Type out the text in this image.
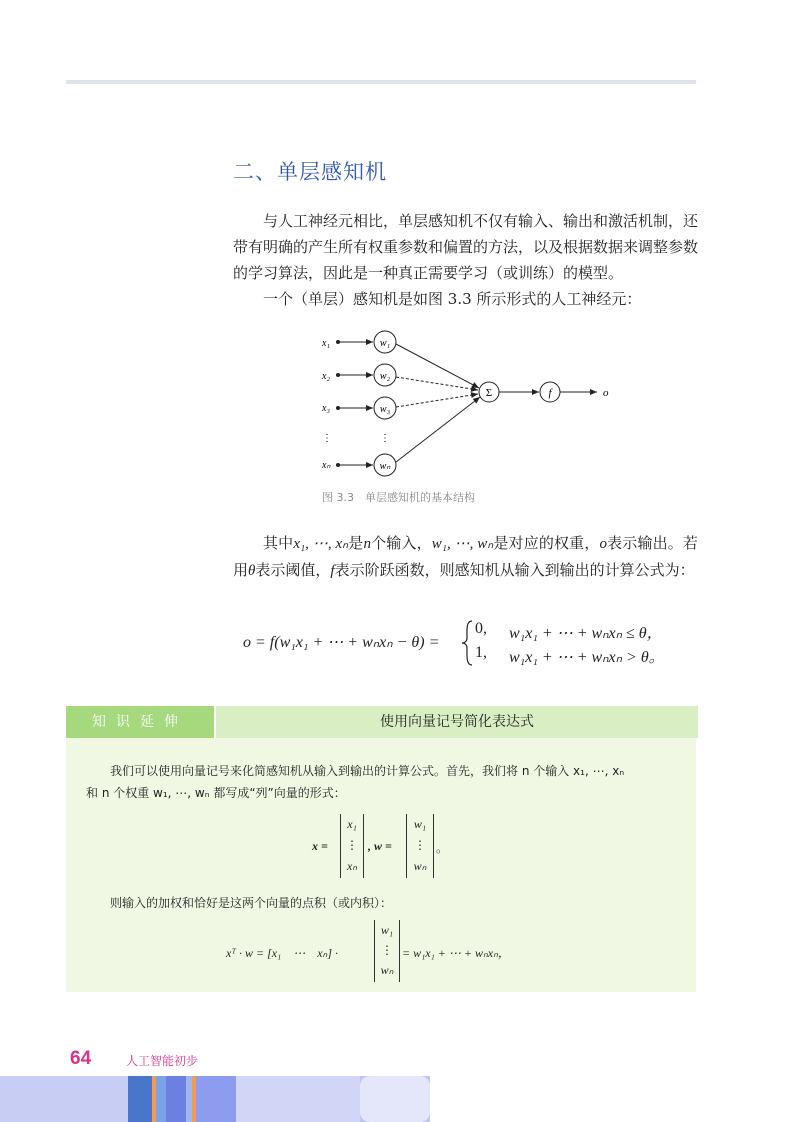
二、单层感知机
与人工神经元相比，单层感知机不仅有输入、输出和激活机制，还带有明确的产生所有权重参数和偏置的方法，以及根据数据来调整参数的学习算法，因此是一种真正需要学习（或训练）的模型。
一个（单层）感知机是如图 3.3 所示形式的人工神经元：
x₁
x₂
x₃
⋮
xₙ
w₁
w₂
w₃
⋮
wₙ
Σ	f	o
图 3.3　单层感知机的基本结构
其中x₁, ⋯, xₙ是n个输入，w₁, ⋯, wₙ是对应的权重，o表示输出。若用θ表示阈值，f表示阶跃函数，则感知机从输入到输出的计算公式为：
o = f(w₁x₁ + ⋯ + wₙxₙ − θ) =
0, w₁x₁ + ⋯ + wₙxₙ ≤ θ，
1, w₁x₁ + ⋯ + wₙxₙ > θ。
知识延伸	使用向量记号简化表达式
我们可以使用向量记号来化简感知机从输入到输出的计算公式。首先，我们将 n 个输入 x₁, ⋯, xₙ
和 n 个权重 w₁, ⋯, wₙ 都写成“列”向量的形式：
x =
x₁
⋮
xₙ
, w =
w₁
⋮
wₙ
。
则输入的加权和恰好是这两个向量的点积（或内积）：
xᵀ · w = [x₁　⋯　xₙ] ·
w₁
⋮
wₙ
= w₁x₁ + ⋯ + wₙxₙ，
64	人工智能初步
